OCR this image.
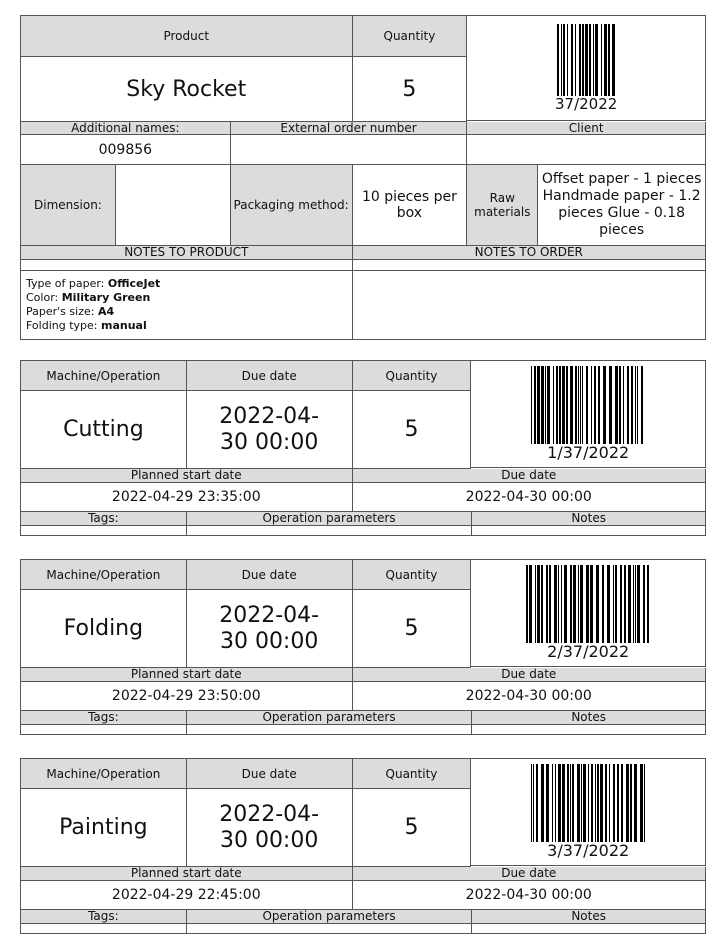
Product
Sky Rocket
Quantity
5
37/2022
Additional names:	External order number	Client
009856
Dimension:	Packaging method: 10 pieces per box
Raw materials
Offset paper - 1 pieces Handmade paper - 1.2 pieces Glue - 0.18 pieces
NOTES TO PRODUCT	NOTES TO ORDER
Type of paper: OfficeJet
Color: Military Green
Paper's size: A4
Folding type: manual
Machine/Operation
Cutting
Due date
2022-04-30 00:00
Quantity
5
1/37/2022
Planned start date	Due date
2022-04-29 23:35:00	2022-04-30 00:00
Tags:	Operation parameters	Notes
Machine/Operation
Folding
Due date
2022-04-30 00:00
Quantity
5
2/37/2022
Planned start date	Due date
2022-04-29 23:50:00	2022-04-30 00:00
Tags:	Operation parameters	Notes
Machine/Operation
Painting
Due date
2022-04-30 00:00
Quantity
5
3/37/2022
Planned start date	Due date
2022-04-29 22:45:00	2022-04-30 00:00
Tags:	Operation parameters	Notes
